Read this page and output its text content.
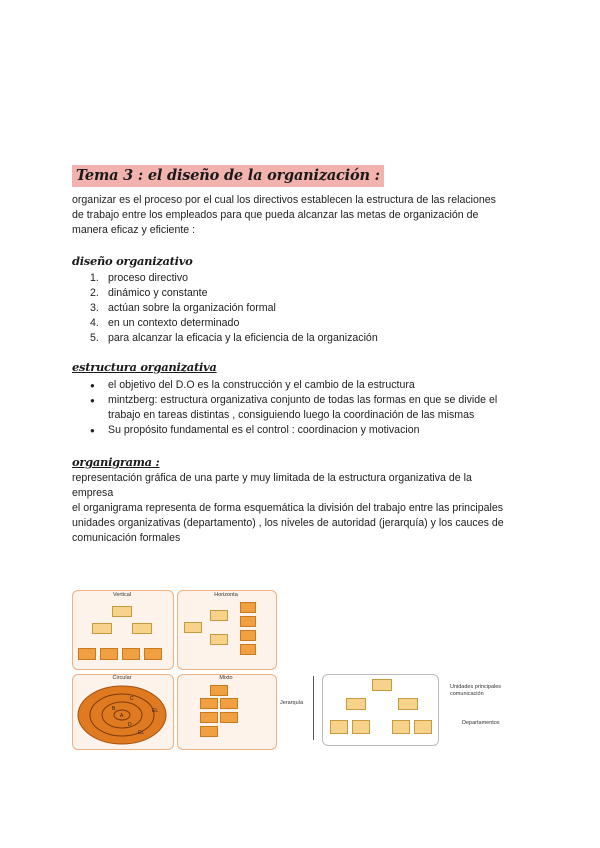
Tema 3 : el diseño de la organización :
organizar es el proceso por el cual los directivos establecen la estructura de las relaciones
de trabajo entre los empleados para que pueda alcanzar las metas de organización de
manera eficaz y eficiente :
diseño organizativo
1. proceso directivo
2. dinámico y constante
3. actúan sobre la organización formal
4. en un contexto determinado
5. para alcanzar la eficacia y la eficiencia de la organización
estructura organizativa
● el objetivo del D.O es la construcción y el cambio de la estructura
● mintzberg: estructura organizativa conjunto de todas las formas en que se divide el trabajo en tareas distintas , consiguiendo luego la coordinación de las mismas
● Su propósito fundamental es el control : coordinacion y motivacion
organigrama :
representación gráfica de una parte y muy limitada de la estructura organizativa de la
empresa
el organigrama representa de forma esquemática la división del trabajo entre las principales
unidades organizativas (departamento) , los niveles de autoridad (jerarquía) y los cauces de
comunicación formales
Vertical	Horizonta
Circular
C
B
A
EL
D
EL
Mixto
Jerarquía
Unidades principales comunicación
Departamentos
